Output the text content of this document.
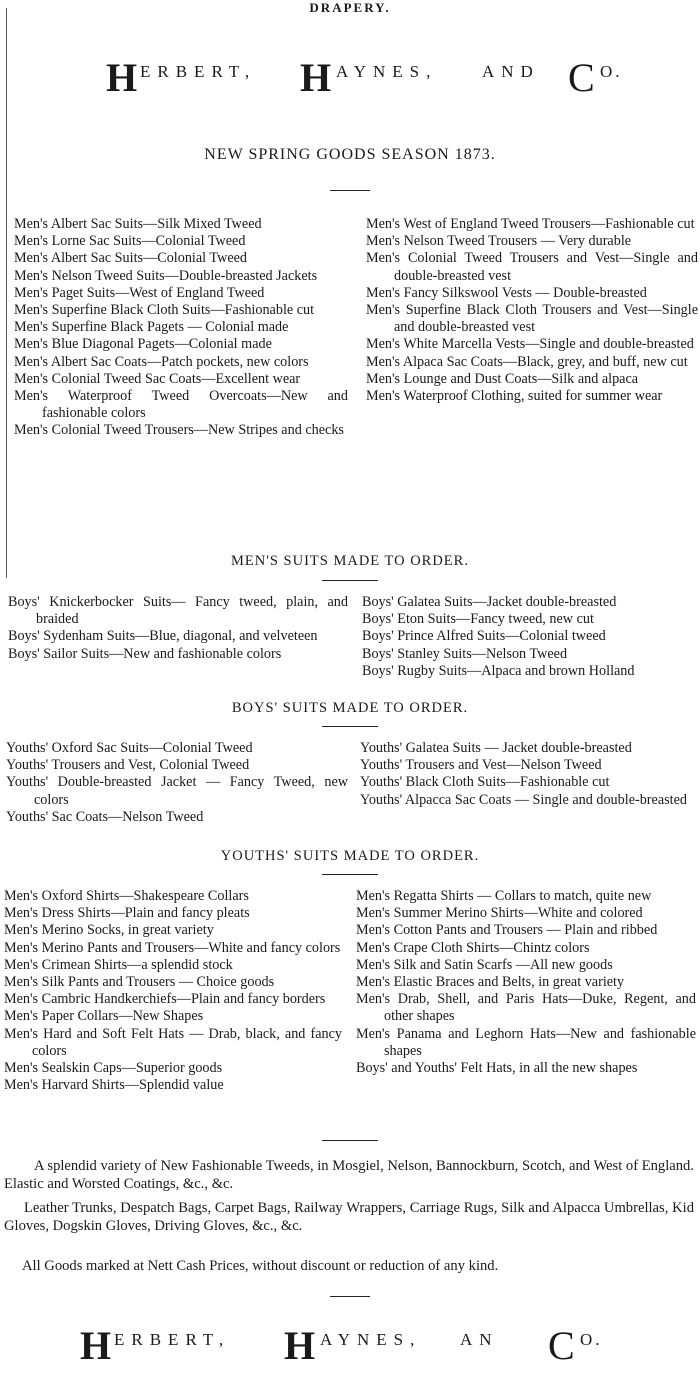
DRAPERY.
H ERBERT, H AYNES,	AND C O.
NEW SPRING GOODS SEASON 1873.
Men's Albert Sac Suits—Silk Mixed Tweed
Men's Lorne Sac Suits—Colonial Tweed
Men's Albert Sac Suits—Colonial Tweed
Men's Nelson Tweed Suits—Double-breasted Jackets
Men's Paget Suits—West of England Tweed
Men's Superfine Black Cloth Suits—Fashionable cut
Men's Superfine Black Pagets — Colonial made
Men's Blue Diagonal Pagets—Colonial made
Men's Albert Sac Coats—Patch pockets, new colors
Men's Colonial Tweed Sac Coats—Excellent wear
Men's Waterproof Tweed Overcoats—New and fashionable colors
Men's Colonial Tweed Trousers—New Stripes and checks
Men's West of England Tweed Trousers—Fashionable cut
Men's Nelson Tweed Trousers — Very durable
Men's Colonial Tweed Trousers and Vest—Single and double-breasted vest
Men's Fancy Silkswool Vests — Double-breasted
Men's Superfine Black Cloth Trousers and Vest—Single and double-breasted vest
Men's White Marcella Vests—Single and double-breasted
Men's Alpaca Sac Coats—Black, grey, and buff, new cut
Men's Lounge and Dust Coats—Silk and alpaca
Men's Waterproof Clothing, suited for summer wear
MEN'S SUITS MADE TO ORDER.
Boys' Knickerbocker Suits— Fancy tweed, plain, and braided
Boys' Sydenham Suits—Blue, diagonal, and velveteen
Boys' Sailor Suits—New and fashionable colors
Boys' Galatea Suits—Jacket double-breasted
Boys' Eton Suits—Fancy tweed, new cut
Boys' Prince Alfred Suits—Colonial tweed
Boys' Stanley Suits—Nelson Tweed
Boys' Rugby Suits—Alpaca and brown Holland
BOYS' SUITS MADE TO ORDER.
Youths' Oxford Sac Suits—Colonial Tweed
Youths' Trousers and Vest, Colonial Tweed
Youths' Double-breasted Jacket — Fancy Tweed, new colors
Youths' Sac Coats—Nelson Tweed
Youths' Galatea Suits — Jacket double-breasted
Youths' Trousers and Vest—Nelson Tweed
Youths' Black Cloth Suits—Fashionable cut
Youths' Alpacca Sac Coats — Single and double-breasted
YOUTHS' SUITS MADE TO ORDER.
Men's Oxford Shirts—Shakespeare Collars
Men's Dress Shirts—Plain and fancy pleats
Men's Merino Socks, in great variety
Men's Merino Pants and Trousers—White and fancy colors
Men's Crimean Shirts—a splendid stock
Men's Silk Pants and Trousers — Choice goods
Men's Cambric Handkerchiefs—Plain and fancy borders
Men's Paper Collars—New Shapes
Men's Hard and Soft Felt Hats — Drab, black, and fancy colors
Men's Sealskin Caps—Superior goods
Men's Harvard Shirts—Splendid value
Men's Regatta Shirts — Collars to match, quite new
Men's Summer Merino Shirts—White and colored
Men's Cotton Pants and Trousers — Plain and ribbed
Men's Crape Cloth Shirts—Chintz colors
Men's Silk and Satin Scarfs —All new goods
Men's Elastic Braces and Belts, in great variety
Men's Drab, Shell, and Paris Hats—Duke, Regent, and other shapes
Men's Panama and Leghorn Hats—New and fashionable shapes
Boys' and Youths' Felt Hats, in all the new shapes
A splendid variety of New Fashionable Tweeds, in Mosgiel, Nelson, Bannockburn, Scotch, and West of England. Elastic and Worsted Coatings, &c., &c.
Leather Trunks, Despatch Bags, Carpet Bags, Railway Wrappers, Carriage Rugs, Silk and Alpacca Umbrellas, Kid Gloves, Dogskin Gloves, Driving Gloves, &c., &c.
All Goods marked at Nett Cash Prices, without discount or reduction of any kind.
H ERBERT, H AYNES, AN C O.
